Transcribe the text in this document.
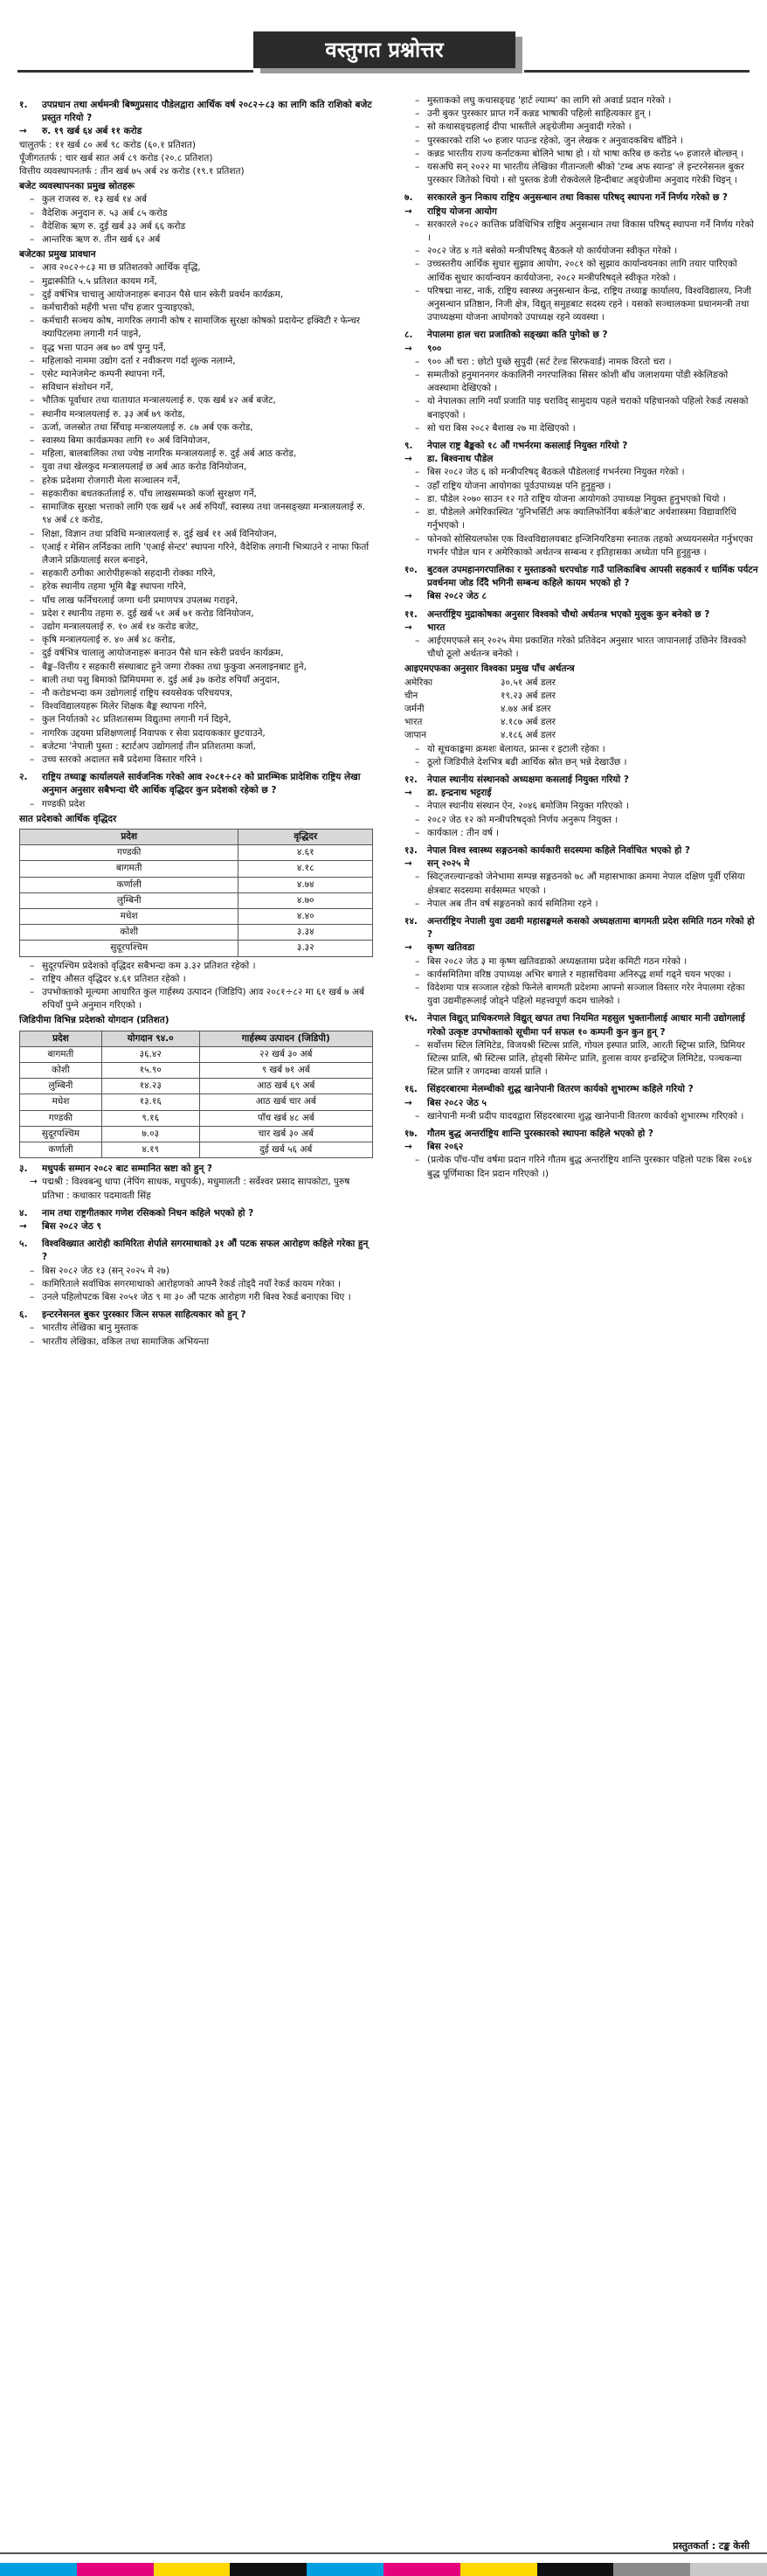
वस्तुगत प्रश्नोत्तर
१.	उपप्रधान तथा अर्थमन्त्री बिष्णुप्रसाद पौडेलद्वारा आर्थिक वर्ष २०८२÷८३ का लागि कति राशिको बजेट प्रस्तुत गरियो ?
→	रु. १९ खर्ब ६४ अर्ब ११ करोड
चालुतर्फ : ११ खर्ब ८० अर्ब ९८ करोड (६०.१ प्रतिशत)
पूँजीगततर्फ : चार खर्ब सात अर्ब ८९ करोड (२०.८ प्रतिशत)
वित्तीय व्यवस्थापनतर्फ : तीन खर्ब ७५ अर्ब २४ करोड (१९.१ प्रतिशत)
बजेट व्यवस्थापनका प्रमुख स्रोतहरू
– कुल राजस्व रु. १३ खर्ब १४ अर्ब
– वैदेशिक अनुदान रु. ५३ अर्ब ८५ करोड
– वैदेशिक ऋण रु. दुई खर्ब ३३ अर्ब ६६ करोड
– आन्तरिक ऋण रु. तीन खर्ब ६२ अर्ब
बजेटका प्रमुख प्रावधान
– आव २०८२÷८३ मा छ प्रतिशतको आर्थिक वृद्धि,
– मुद्रास्फीति ५.५ प्रतिशत कायम गर्ने,
– दुई वर्षभित्र चाचालु आयोजनाहरू बनाउन पैसे धान स्केरी प्रवर्धन कार्यक्रम,
– कर्मचारीको महँगी भत्ता पाँच हजार पुऱ्याइएको,
– कर्मचारी सञ्चय कोष, नागरिक लगानी कोष र सामाजिक सुरक्षा कोषको प्रदायेन्ट इक्विटी र फेन्चर क्यापिटलमा लगानी गर्न पाइने,
– वृद्ध भत्ता पाउन अब ७० वर्ष पुग्नु पर्ने,
– महिलाको नाममा उद्योग दर्ता र नवीकरण गर्दा शुल्क नलाग्ने,
– एसेट म्यानेजमेन्ट कम्पनी स्थापना गर्ने,
– सविधान संशोधन गर्ने,
– भौतिक पूर्वाधार तथा यातायात मन्त्रालयलाई रु. एक खर्ब ४२ अर्ब बजेट,
– स्थानीय मन्त्रालयलाई रु. ३३ अर्ब ७९ करोड,
– ऊर्जा, जलस्रोत तथा सिँचाइ मन्त्रालयलाई रु. ८७ अर्ब एक करोड,
– स्वास्थ्य बिमा कार्यक्रमका लागि १० अर्ब विनियोजन,
– महिला, बालबालिका तथा ज्येष्ठ नागरिक मन्त्रालयलाई रु. दुई अर्ब आठ करोड,
– युवा तथा खेलकुद मन्त्रालयलाई छ अर्ब आठ करोड विनियोजन,
– हरेक प्रदेशमा रोजगारी मेला सञ्चालन गर्ने,
– सहकारीका बचतकर्तालाई रु. पाँच लाखसम्मको कर्जा सुरक्षण गर्ने,
– सामाजिक सुरक्षा भत्ताको लागि एक खर्ब ५१ अर्ब रुपियाँ, स्वास्थ्य तथा जनसङ्ख्या मन्त्रालयलाई रु. ९४ अर्ब ८१ करोड,
– शिक्षा, विज्ञान तथा प्रविधि मन्त्रालयलाई रु. दुई खर्ब ११ अर्ब विनियोजन,
– एआई र मेसिन लर्निङका लागि 'एआई सेन्टर' स्थापना गरिने, वैदेशिक लगानी भित्र्याउने र नाफा फिर्ता लैजाने प्रक्रियालाई सरल बनाइने,
– सहकारी ठगीका आरोपीहरूको सहदानी रोक्का गरिने,
– हरेक स्थानीय तहमा भूमि बैङ्क स्थापना गरिने,
– पाँच लाख फर्निचरलाई जग्गा धनी प्रमाणपत्र उपलब्ध गराइने,
– प्रदेश र स्थानीय तहमा रु. दुई खर्ब ५१ अर्ब ७१ करोड विनियोजन,
– उद्योग मन्त्रालयलाई रु. १० अर्ब १४ करोड बजेट,
– कृषि मन्त्रालयलाई रु. ४० अर्ब ४८ करोड,
– दुई वर्षभित्र चालालु आयोजनाहरू बनाउन पैसे धान स्केरी प्रवर्धन कार्यक्रम,
– बैङ्क–वित्तीय र सहकारी संस्थाबाट हुने जग्गा रोक्का तथा फुकुवा अनलाइनबाट हुने,
– बाली तथा पशु बिमाको प्रिमियममा रु. दुई अर्ब ३७ करोड रुपियाँ अनुदान,
– नौ करोडभन्दा कम उद्योगलाई राष्ट्रिय स्वयसेवक परिचयपत्र,
– विश्वविद्यालयहरू मिलेर शिक्षक बैङ्क स्थापना गरिने,
– कुल निर्यातको २८ प्रतिशतसम्म विद्युतमा लगानी गर्न दिइने,
– नागरिक उद्दयमा प्रशिक्षणलाई निवापक र सेवा प्रदायककार छुटयाउने,
– बजेटमा 'नेपाली पुस्ता : स्टार्टअप उद्योगलाई तीन प्रतिशतमा कर्जा,
– उच्च स्तरको अदालत सबै प्रदेशमा विस्तार गरिने ।
२.	राष्ट्रिय तथ्याङ्क कार्यालयले सार्वजनिक गरेको आव २०८१÷८२ को प्रारम्भिक प्रादेशिक राष्ट्रिय लेखा अनुमान अनुसार सबैभन्दा धेरै आर्थिक वृद्धिदर कुन प्रदेशको रहेको छ ?
– गण्डकी प्रदेश
सात प्रदेशको आर्थिक वृद्धिदर
प्रदेश	वृद्धिदर
गण्डकी	४.६१
बागमती	४.१८
कर्णाली	४.७४
लुम्बिनी	४.७०
मधेश	४.४०
कोशी	३.३४
सुदूरपश्चिम	३.३२
– सुदूरपश्चिम प्रदेशको वृद्धिदर सबैभन्दा कम ३.३२ प्रतिशत रहेको ।
– राष्ट्रिय औसत वृद्धिदर ४.६१ प्रतिशत रहेको ।
– उपभोक्ताको मूल्यमा आधारित कुल गार्हस्थ्य उत्पादन (जिडिपि) आव २०८१÷८२ मा ६१ खर्ब ७ अर्ब रुपियाँ पुग्ने अनुमान गरिएको ।
जिडिपीमा विभिन्न प्रदेशको योगदान (प्रतिशत)
प्रदेश	योगदान ९४.०	गार्हस्थ्य उत्पादन (जिडिपी)
बागमती	३६.४२	२२ खर्ब ३० अर्ब
कोशी	१५.९०	९ खर्ब ७१ अर्ब
लुम्बिनी	१४.२३	आठ खर्ब ६९ अर्ब
मधेश	१३.१६	आठ खर्ब चार अर्ब
गण्डकी	९.१६	पाँच खर्ब ४८ अर्ब
सुदूरपश्चिम	७.०३	चार खर्ब ३० अर्ब
कर्णाली	४.१९	दुई खर्ब ५६ अर्ब
३.	मधुपर्क सम्मान २०८२ बाट सम्मानित स्रष्टा को हुन् ?
→ पद्मश्री : विश्वबन्धु थापा (नेपिंग साधक, मधुपर्क), मधुमालती : सर्वेश्वर प्रसाद सापकोटा, पुरुष प्रतिभा : कथाकार पदमावती सिंह
४.	नाम तथा राष्ट्रगीतकार गणेश रसिकको निधन कहिले भएको हो ?
→	बिस २०८२ जेठ ९
५.	विश्वविख्यात आरोही कामिरिता शेर्पाले सगरमाथाको ३१ औं पटक सफल आरोहण कहिले गरेका हुन् ?
– बिस २०८२ जेठ १३ (सन् २०२५ मे २७)
– कामिरिताले सर्वाधिक सगरमाथाको आरोहणको आफ्नै रेकर्ड तोड्दै नयाँ रेकर्ड कायम गरेका ।
– उनले पहिलोपटक बिस २०५१ जेठ ९ मा ३० औं पटक आरोहण गरी बिश्व रेकर्ड बनाएका थिए ।
६.	इन्टरनेसनल बुकर पुरस्कार जित्न सफल साहित्यकार को हुन् ?
– भारतीय लेखिका बानु मुस्ताक
– भारतीय लेखिका, वकिल तथा सामाजिक अभियन्ता
– मुस्ताकको लघु कथासङ्ग्रह 'हार्ट ल्याम्प' का लागि सो अवार्ड प्रदान गरेको ।
– उनी बुकर पुरस्कार प्राप्त गर्ने कन्नड भाषाकी पहिलो साहित्यकार हुन् ।
– सो कथासङ्ग्रहलाई दीपा भास्तीले अङ्ग्रेजीमा अनुवादी गरेको ।
– पुरस्कारको राशि ५० हजार पाउन्ड रहेको, जुन लेखक र अनुवादकबिच बाँडिने ।
– कन्नड भारतीय राज्य कर्नाटकमा बोलिने भाषा हो । यो भाषा करिब छ करोड ५० हजारले बोल्छन् ।
– यसअघि सन् २०२२ मा भारतीय लेखिका गीतान्जली श्रीको 'टम्ब अफ स्यान्ड' ले इन्टरनेसनल बुकर पुरस्कार जितेको थियो । सो पुस्तक डेजी रोकवेलले हिन्दीबाट अङ्ग्रेजीमा अनुवाद गरेकी थिइन् ।
७.	सरकारले कुन निकाय राष्ट्रिय अनुसन्धान तथा विकास परिषद् स्थापना गर्ने निर्णय गरेको छ ?
→	राष्ट्रिय योजना आयोग
– सरकारले २०८२ कात्तिक प्रविधिभित्र राष्ट्रिय अनुसन्धान तथा विकास परिषद् स्थापना गर्ने निर्णय गरेको ।
– २०८२ जेठ ४ गते बसेको मन्त्रीपरिषद् बैठकले यो कार्ययोजना स्वीकृत गरेको ।
– उच्चस्तरीय आर्थिक सुधार सुझाव आयोग, २०८१ को सुझाव कार्यान्वयनका लागि तयार पारिएको आर्थिक सुधार कार्यान्वयन कार्ययोजना, २०८२ मन्त्रीपरिषद्ले स्वीकृत गरेको ।
– परिषद्मा नास्ट, नार्क, राष्ट्रिय स्वास्थ्य अनुसन्धान केन्द्र, राष्ट्रिय तथ्याङ्क कार्यालय, विश्वविद्यालय, निजी अनुसन्धान प्रतिष्ठान, निजी क्षेत्र, विद्युत् समुहबाट सदस्य रहने । यसको सञ्चालकमा प्रधानमन्त्री तथा उपाध्यक्षमा योजना आयोगको उपाध्यक्ष रहने व्यवस्था ।
८.	नेपालमा हाल चरा प्रजातिको सङ्ख्या कति पुगेको छ ?
→	९००
– ९०० औं चरा : छोटो पुच्छे सुपुदी (सर्ट टेल्ड सिरफवार्ड) नामक विरतो चरा ।
– सम्मतीको हनुमाननगर कंकालिनी नगरपालिका सिसर कोशी बाँध जलाशयमा पोंडी स्केलिङको अवस्थामा देखिएको ।
– यो नेपालका लागि नयाँ प्रजाति पाइ चराविद् सामुदाय पहले चराको पहिचानको पहिलो रेकर्ड त्यसको बनाइएको ।
– सो चरा बिस २०८२ बैशाख २७ मा देखिएको ।
९.	नेपाल राष्ट्र बैङ्कको १८ औं गभर्नरमा कसलाई नियुक्त गरियो ?
→	डा. बिश्वनाथ पौडेल
– बिस २०८२ जेठ ६ को मन्त्रीपरिषद् बैठकले पौडेललाई गभर्नरमा नियुक्त गरेको ।
– उहाँ राष्ट्रिय योजना आयोगका पूर्वउपाध्यक्ष पनि हुनुहुन्छ ।
– डा. पौडेल २०७० साउन १२ गते राष्ट्रिय योजना आयोगको उपाध्यक्ष नियुक्त हुनुभएको थियो ।
– डा. पौडेलले अमेरिकास्थित 'युनिभर्सिटी अफ क्यालिफोर्निया बर्कले'बाट अर्थशास्त्रमा विद्यावारिधि गर्नुभएको ।
– फोनको सोसियलफोस एक विश्वविद्यालयबाट इन्जिनियरिङमा स्नातक तहको अध्ययनसमेत गर्नुभएका गभर्नर पौडेल धान र अमेरिकाको अर्थतन्त्र सम्बन्ध र इतिहासका अध्येता पनि हुनुहुन्छ ।
१०.	बुटवल उपमहानगरपालिका र मुस्ताङको धरपचोङ गाउँ पालिकाबिच आपसी सहकार्य र धार्मिक पर्यटन प्रवर्धनमा जोड दिँदै भगिनी सम्बन्ध कहिले कायम भएको हो ?
→	बिस २०८२ जेठ ८
११.	अन्तर्राष्ट्रिय मुद्राकोषका अनुसार विश्वको चौथो अर्थतन्त्र भएको मुलुक कुन बनेको छ ?
→	भारत
– आईएमएफले सन् २०२५ मेमा प्रकाशित गरेको प्रतिवेदन अनुसार भारत जापानलाई उछिनेर विश्वको चौथो ठूलो अर्थतन्त्र बनेको ।
आइएमएफका अनुसार विश्वका प्रमुख पाँच अर्थतन्त्र
अमेरिका	३०.५१ अर्ब डलर
चीन	१९.२३ अर्ब डलर
जर्मनी	४.७४ अर्ब डलर
भारत	४.१८७ अर्ब डलर
जापान	४.१८६ अर्ब डलर
– यो सूचकाङ्कमा क्रमशः बेलायत, फ्रान्स र इटाली रहेका ।
– ठूलो जिडिपीले देशभित्र बढी आर्थिक स्रोत छन् भन्ने देखाउँछ ।
१२.	नेपाल स्थानीय संस्थानको अध्यक्षमा कसलाई नियुक्त गरियो ?
→	डा. इन्द्रनाथ भट्टराई
– नेपाल स्थानीय संस्थान ऐन, २०४६ बमोजिम नियुक्त गरिएको ।
– २०८२ जेठ १२ को मन्त्रीपरिषद्को निर्णय अनुरूप नियुक्त ।
– कार्यकाल : तीन वर्ष ।
१३.	नेपाल विश्व स्वास्थ्य सङ्गठनको कार्यकारी सदस्यमा कहिले निर्वाचित भएको हो ?
→	सन् २०२५ मे
– स्विट्जरल्यान्डको जेनेभामा सम्पन्न सङ्गठनको ७८ औं महासभाका क्रममा नेपाल दक्षिण पूर्वी एसिया क्षेत्रबाट सदस्यमा सर्वसम्मत भएको ।
– नेपाल अब तीन वर्ष सङ्गठनको कार्य समितिमा रहने ।
१४.	अन्तर्राष्ट्रिय नेपाली युवा उद्यमी महासङ्घमले कसको अध्यक्षतामा बागमती प्रदेश समिति गठन गरेको हो ?
→	कृष्ण खतिवडा
– बिस २०८२ जेठ ३ मा कृष्ण खतिवडाको अध्यक्षतामा प्रदेश कमिटी गठन गरेको ।
– कार्यसमितिमा वरिष्ठ उपाध्यक्ष अभिर बगाले र महासचिवमा अनिरुद्ध शर्मा गढ्ने चयन भएका ।
– विदेशमा पात्र सञ्जाल रहेको फिनेले बागमती प्रदेशमा आफ्नो सञ्जाल विस्तार गरेर नेपालमा रहेका युवा उद्यमीहरूलाई जोड्ने पहिलो महत्त्वपूर्ण कदम चालेको ।
१५.	नेपाल विद्युत् प्राधिकरणले विद्युत् खपत तथा नियमित महसुल भुक्तानीलाई आधार मानी उद्योगलाई गरेको उत्कृष्ट उपभोक्ताको सूचीमा पर्न सफल १० कम्पनी कुन कुन हुन् ?
– सर्वोत्तम स्टिल लिमिटेड, विजयश्री स्टिल्स प्रालि, गोयल इस्पात प्रालि, आरती स्ट्रिप्स प्रालि, प्रिमियर स्टिल्स प्रालि, श्री स्टिल्स प्रालि, होङ्सी सिमेन्ट प्रालि, हुलास वायर इन्डस्ट्रिज लिमिटेड, पञ्चकन्या स्टिल प्रालि र जगदम्बा वायर्स प्रालि ।
१६.	सिंहदरबारमा मेलम्चीको शुद्ध खानेपानी वितरण कार्यको शुभारम्भ कहिले गरियो ?
→	बिस २०८२ जेठ ५
– खानेपानी मन्त्री प्रदीप यादवद्वारा सिंहदरबारमा शुद्ध खानेपानी वितरण कार्यको शुभारम्भ गरिएको ।
१७.	गौतम बुद्ध अन्तर्राष्ट्रिय शान्ति पुरस्कारको स्थापना कहिले भएको हो ?
→	बिस २०६२
– (प्रत्येक पाँच-पाँच वर्षमा प्रदान गरिने गौतम बुद्ध अन्तर्राष्ट्रिय शान्ति पुरस्कार पहिलो पटक बिस २०६४ बुद्ध पूर्णिमाका दिन प्रदान गरिएको ।)
प्रस्तुतकर्ता : टङ्क केसी
